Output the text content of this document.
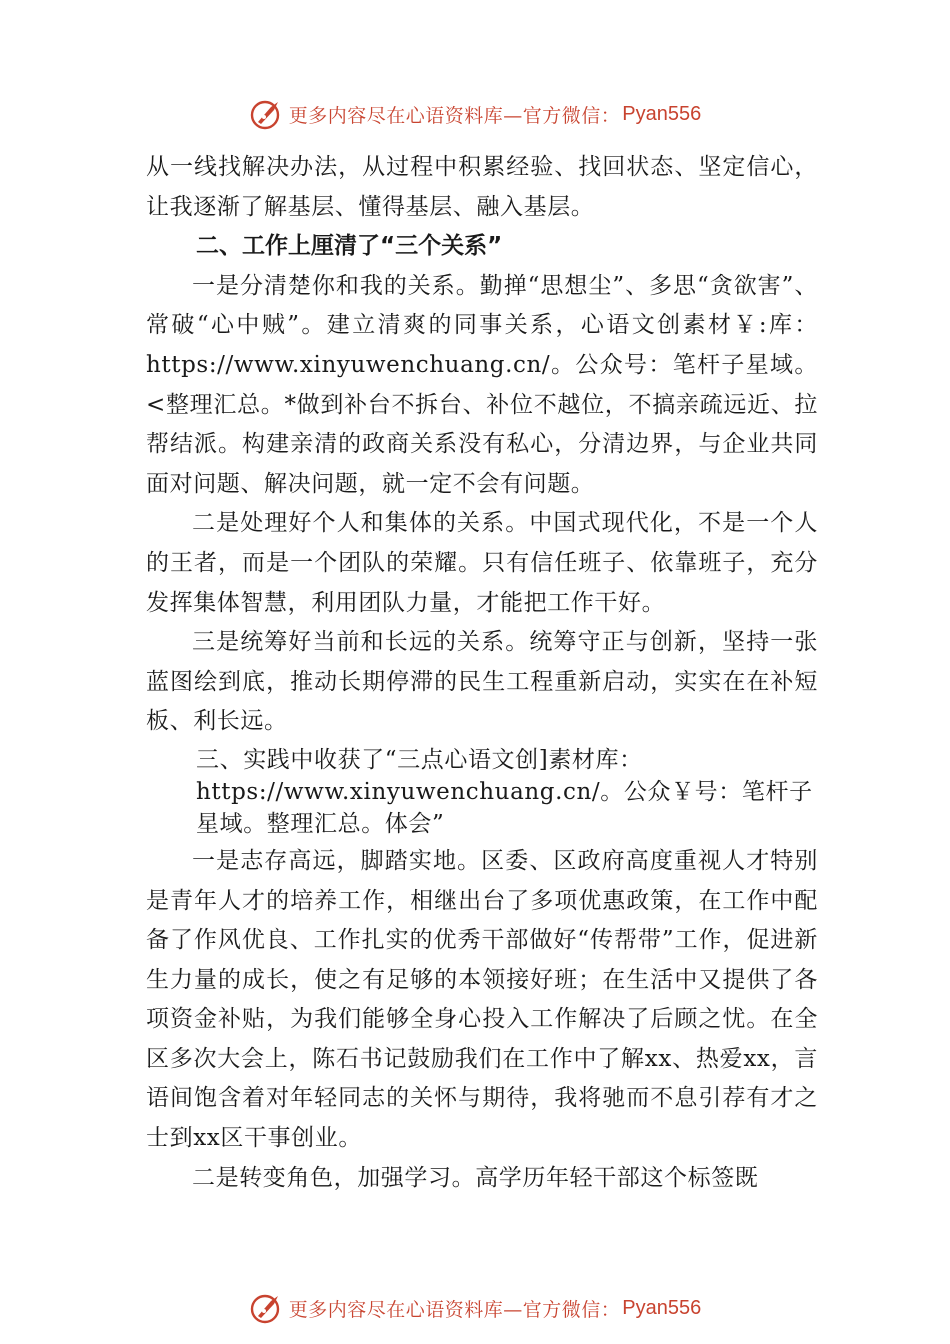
更多内容尽在心语资料库—官方微信： Pyan556

从一线找解决办法，从过程中积累经验、找回状态、坚定信心，让我逐渐了解基层、懂得基层、融入基层。

二、工作上厘清了“三个关系”

一是分清楚你和我的关系。勤掸“思想尘”、多思“贪欲害”、常破“心中贼”。建立清爽的同事关系，心语文创素材￥:库：https://www.xinyuwenchuang.cn/。公众号：笔杆子星域。<整理汇总。*做到补台不拆台、补位不越位，不搞亲疏远近、拉帮结派。构建亲清的政商关系没有私心，分清边界，与企业共同面对问题、解决问题，就一定不会有问题。

二是处理好个人和集体的关系。中国式现代化，不是一个人的王者，而是一个团队的荣耀。只有信任班子、依靠班子，充分发挥集体智慧，利用团队力量，才能把工作干好。

三是统筹好当前和长远的关系。统筹守正与创新，坚持一张蓝图绘到底，推动长期停滞的民生工程重新启动，实实在在补短板、利长远。

三、实践中收获了“三点心语文创]素材库：https://www.xinyuwenchuang.cn/。公众￥号：笔杆子星域。整理汇总。体会”

一是志存高远，脚踏实地。区委、区政府高度重视人才特别是青年人才的培养工作，相继出台了多项优惠政策，在工作中配备了作风优良、工作扎实的优秀干部做好“传帮带”工作，促进新生力量的成长，使之有足够的本领接好班；在生活中又提供了各项资金补贴，为我们能够全身心投入工作解决了后顾之忧。在全区多次大会上，陈石书记鼓励我们在工作中了解xx、热爱xx，言语间饱含着对年轻同志的关怀与期待，我将驰而不息引荐有才之士到xx区干事创业。

二是转变角色，加强学习。高学历年轻干部这个标签既

更多内容尽在心语资料库—官方微信： Pyan556
